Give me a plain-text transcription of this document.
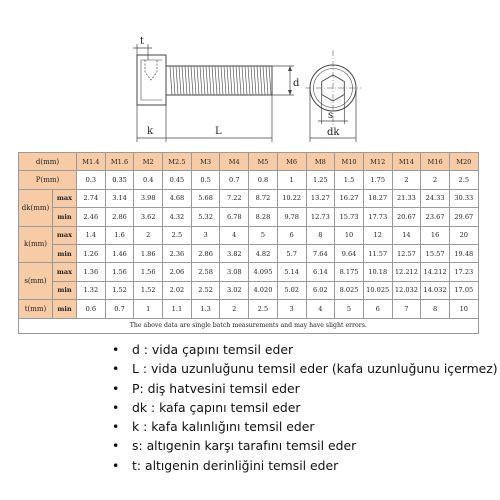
t
d
k	L
s
dk
d(mm)		M1.4	M1.6	M2	M2.5	M3	M4	M5	M6	M8	M10	M12	M14	M16	M20
P(mm)		0.3	0.35	0.4	0.45	0.5	0.7	0.8	1	1.25	1.5	1.75	2	2	2.5
dk(mm)	max	2.74	3.14	3.98	4.68	5.68	7.22	8.72	10.22	13.27	16.27	18.27	21.33	24.33	30.33
	min	2.46	2.86	3.62	4.32	5.32	6.78	8.28	9.78	12.73	15.73	17.73	20.67	23.67	29.67
k(mm)	max	1.4	1.6	2	2.5	3	4	5	6	8	10	12	14	16	20
	min	1.26	1.46	1.86	2.36	2.86	3.82	4.82	5.7	7.64	9.64	11.57	12.57	15.57	19.48
s(mm)	max	1.36	1.56	1.56	2.06	2.58	3.08	4.095	5.14	6.14	8.175	10.18	12.212	14.212	17.23
	min	1.32	1.52	1.52	2.02	2.52	3.02	4.020	5.02	6.02	8.025	10.025	12.032	14.032	17.05
t(mm)	min	0.6	0.7	1	1.1	1.3	2	2.5	3	4	5	6	7	8	10
The above data are single batch measurements and may have slight errors.															
• d : vida çapını temsil eder
• L : vida uzunluğunu temsil eder (kafa uzunluğunu içermez)
• P: diş hatvesini temsil eder
• dk : kafa çapını temsil eder
• k : kafa kalınlığını temsil eder
• s: altıgenin karşı tarafını temsil eder
• t: altıgenin derinliğini temsil eder
